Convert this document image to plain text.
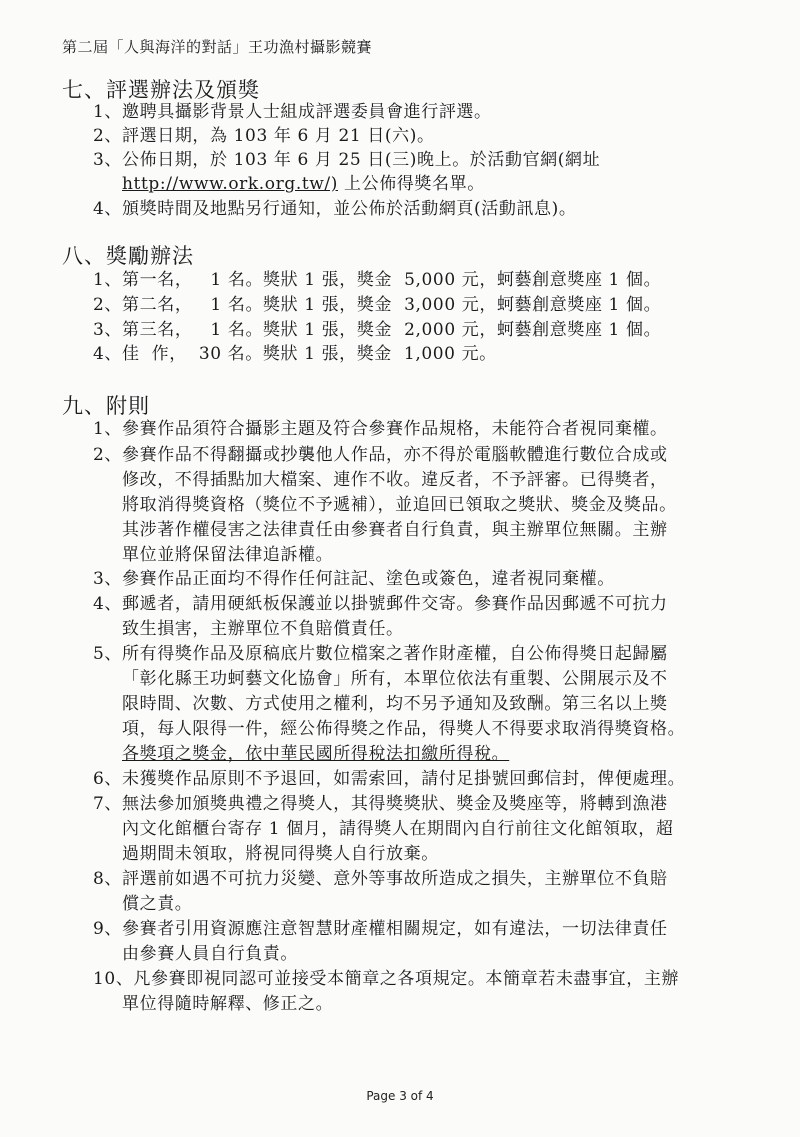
第二屆「人與海洋的對話」王功漁村攝影競賽
七、評選辦法及頒獎
1、邀聘具攝影背景人士組成評選委員會進行評選。
2、評選日期，為 103 年 6 月 21 日(六)。
3、公佈日期，於 103 年 6 月 25 日(三)晚上。於活動官網(網址
http://www.ork.org.tw/) 上公佈得獎名單。
4、頒獎時間及地點另行通知，並公佈於活動網頁(活動訊息)。
八、獎勵辦法
1、第一名，   1 名。獎狀 1 張，獎金  5,000 元，蚵藝創意獎座 1 個。
2、第二名，   1 名。獎狀 1 張，獎金  3,000 元，蚵藝創意獎座 1 個。
3、第三名，   1 名。獎狀 1 張，獎金  2,000 元，蚵藝創意獎座 1 個。
4、佳  作，  30 名。獎狀 1 張，獎金  1,000 元。
九、附則
1、參賽作品須符合攝影主題及符合參賽作品規格，未能符合者視同棄權。
2、參賽作品不得翻攝或抄襲他人作品，亦不得於電腦軟體進行數位合成或
修改，不得插點加大檔案、連作不收。違反者，不予評審。已得獎者，
將取消得獎資格（獎位不予遞補），並追回已領取之獎狀、獎金及獎品。
其涉著作權侵害之法律責任由參賽者自行負責，與主辦單位無關。主辦
單位並將保留法律追訴權。
3、參賽作品正面均不得作任何註記、塗色或簽色，違者視同棄權。
4、郵遞者，請用硬紙板保護並以掛號郵件交寄。參賽作品因郵遞不可抗力
致生損害，主辦單位不負賠償責任。
5、所有得獎作品及原稿底片數位檔案之著作財產權，自公佈得獎日起歸屬
「彰化縣王功蚵藝文化協會」所有，本單位依法有重製、公開展示及不
限時間、次數、方式使用之權利，均不另予通知及致酬。第三名以上獎
項，每人限得一件，經公佈得獎之作品，得獎人不得要求取消得獎資格。
各獎項之獎金，依中華民國所得稅法扣繳所得稅。
6、未獲獎作品原則不予退回，如需索回，請付足掛號回郵信封，俾便處理。
7、無法參加頒獎典禮之得獎人，其得獎獎狀、獎金及獎座等，將轉到漁港
內文化館櫃台寄存 1 個月，請得獎人在期間內自行前往文化館領取，超
過期間未領取，將視同得獎人自行放棄。
8、評選前如遇不可抗力災變、意外等事故所造成之損失，主辦單位不負賠
償之責。
9、參賽者引用資源應注意智慧財產權相關規定，如有違法，一切法律責任
由參賽人員自行負責。
10、凡參賽即視同認可並接受本簡章之各項規定。本簡章若未盡事宜，主辦
單位得隨時解釋、修正之。
Page 3 of 4
